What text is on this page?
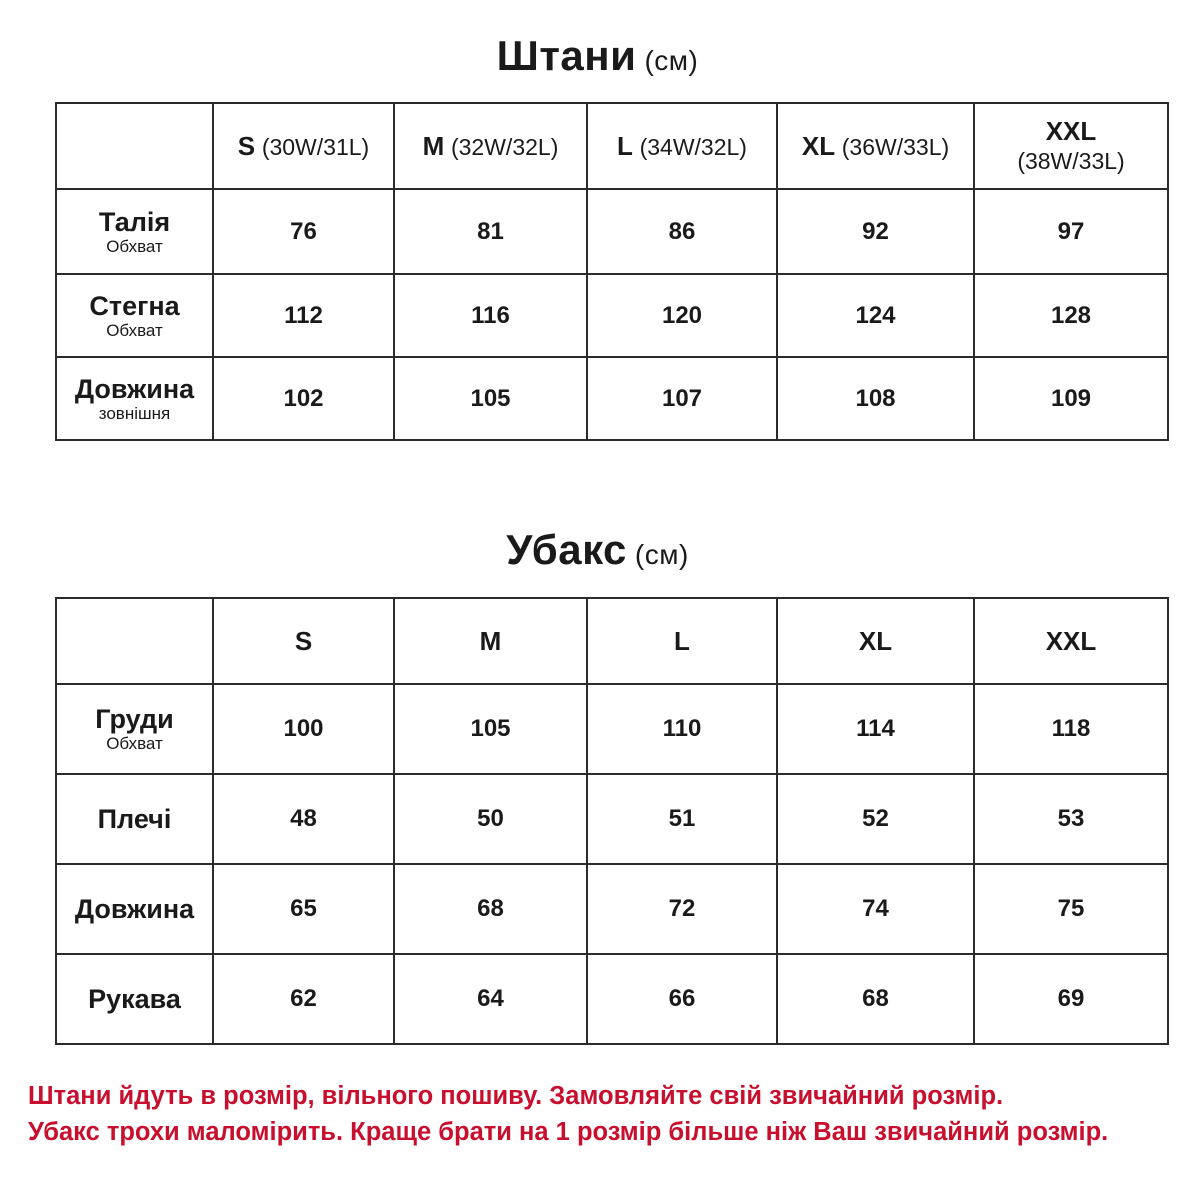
Штани (см)
	S (30W/31L)	M (32W/32L)	L (34W/32L)	XL (36W/33L)	XXL
(38W/33L)

Талія
Обхват	76	81	86	92	97

Стегна
Обхват	112	116	120	124	128

Довжина
зовнішня	102	105	107	108	109
Убакс (см)
	S	M	L	XL	XXL

Груди
Обхват	100	105	110	114	118

Плечі	48	50	51	52	53

Довжина	65	68	72	74	75

Рукава	62	64	66	68	69
Штани йдуть в розмір, вільного пошиву. Замовляйте свій звичайний розмір.
Убакс трохи маломірить. Краще брати на 1 розмір більше ніж Ваш звичайний розмір.
